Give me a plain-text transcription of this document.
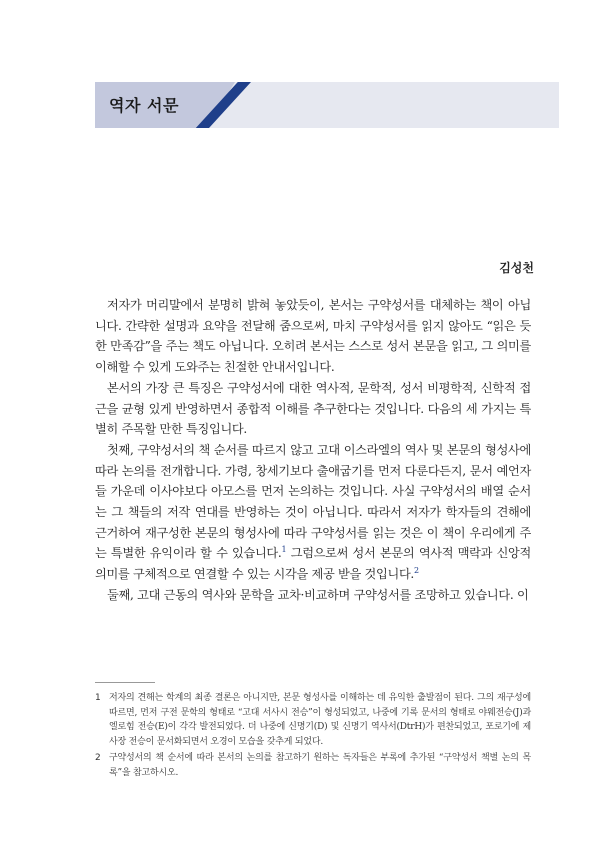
역자 서문
김성천

저자가 머리말에서 분명히 밝혀 놓았듯이, 본서는 구약성서를 대체하는 책이 아닙니다. 간략한 설명과 요약을 전달해 줌으로써, 마치 구약성서를 읽지 않아도 “읽은 듯한 만족감”을 주는 책도 아닙니다. 오히려 본서는 스스로 성서 본문을 읽고, 그 의미를 이해할 수 있게 도와주는 친절한 안내서입니다.

본서의 가장 큰 특징은 구약성서에 대한 역사적, 문학적, 성서 비평학적, 신학적 접근을 균형 있게 반영하면서 종합적 이해를 추구한다는 것입니다. 다음의 세 가지는 특별히 주목할 만한 특징입니다.

첫째, 구약성서의 책 순서를 따르지 않고 고대 이스라엘의 역사 및 본문의 형성사에 따라 논의를 전개합니다. 가령, 창세기보다 출애굽기를 먼저 다룬다든지, 문서 예언자들 가운데 이사야보다 아모스를 먼저 논의하는 것입니다. 사실 구약성서의 배열 순서는 그 책들의 저작 연대를 반영하는 것이 아닙니다. 따라서 저자가 학자들의 견해에 근거하여 재구성한 본문의 형성사에 따라 구약성서를 읽는 것은 이 책이 우리에게 주는 특별한 유익이라 할 수 있습니다.$^1$ 그럼으로써 성서 본문의 역사적 맥락과 신앙적 의미를 구체적으로 연결할 수 있는 시각을 제공 받을 것입니다.$^2$

둘째, 고대 근동의 역사와 문학을 교차·비교하며 구약성서를 조망하고 있습니다. 이

1 저자의 견해는 학계의 최종 결론은 아니지만, 본문 형성사를 이해하는 데 유익한 출발점이 된다. 그의 재구성에 따르면, 먼저 구전 문학의 형태로 “고대 서사시 전승”이 형성되었고, 나중에 기록 문서의 형태로 야웨전승(J)과 엘로힘 전승(E)이 각각 발전되었다. 더 나중에 신명기(D) 및 신명기 역사서(DtrH)가 편찬되었고, 포로기에 제사장 전승이 문서화되면서 오경이 모습을 갖추게 되었다.

2 구약성서의 책 순서에 따라 본서의 논의를 참고하기 원하는 독자들은 부록에 추가된 “구약성서 책별 논의 목록”을 참고하시오.
